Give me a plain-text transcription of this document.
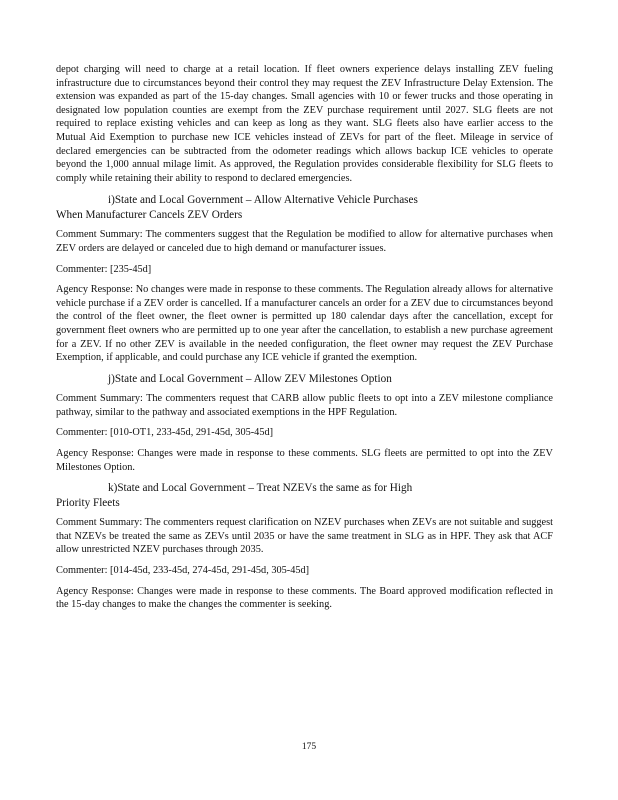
depot charging will need to charge at a retail location. If fleet owners experience delays installing ZEV fueling infrastructure due to circumstances beyond their control they may request the ZEV Infrastructure Delay Extension. The extension was expanded as part of the 15-day changes. Small agencies with 10 or fewer trucks and those operating in designated low population counties are exempt from the ZEV purchase requirement until 2027. SLG fleets are not required to replace existing vehicles and can keep as long as they want. SLG fleets also have earlier access to the Mutual Aid Exemption to purchase new ICE vehicles instead of ZEVs for part of the fleet. Mileage in service of declared emergencies can be subtracted from the odometer readings which allows backup ICE vehicles to operate beyond the 1,000 annual milage limit. As approved, the Regulation provides considerable flexibility for SLG fleets to comply while retaining their ability to respond to declared emergencies.

i)State and Local Government – Allow Alternative Vehicle Purchases
When Manufacturer Cancels ZEV Orders

Comment Summary: The commenters suggest that the Regulation be modified to allow for alternative purchases when ZEV orders are delayed or canceled due to high demand or manufacturer issues.

Commenter: [235-45d]

Agency Response: No changes were made in response to these comments. The Regulation already allows for alternative vehicle purchase if a ZEV order is cancelled. If a manufacturer cancels an order for a ZEV due to circumstances beyond the control of the fleet owner, the fleet owner is permitted up 180 calendar days after the cancellation, except for government fleet owners who are permitted up to one year after the cancellation, to establish a new purchase agreement for a ZEV. If no other ZEV is available in the needed configuration, the fleet owner may request the ZEV Purchase Exemption, if applicable, and could purchase any ICE vehicle if granted the exemption.

j)State and Local Government – Allow ZEV Milestones Option

Comment Summary: The commenters request that CARB allow public fleets to opt into a ZEV milestone compliance pathway, similar to the pathway and associated exemptions in the HPF Regulation.

Commenter: [010-OT1, 233-45d, 291-45d, 305-45d]

Agency Response: Changes were made in response to these comments. SLG fleets are permitted to opt into the ZEV Milestones Option.

k)State and Local Government – Treat NZEVs the same as for High
Priority Fleets

Comment Summary: The commenters request clarification on NZEV purchases when ZEVs are not suitable and suggest that NZEVs be treated the same as ZEVs until 2035 or have the same treatment in SLG as in HPF. They ask that ACF allow unrestricted NZEV purchases through 2035.

Commenter: [014-45d, 233-45d, 274-45d, 291-45d, 305-45d]

Agency Response: Changes were made in response to these comments. The Board approved modification reflected in the 15-day changes to make the changes the commenter is seeking.

175
